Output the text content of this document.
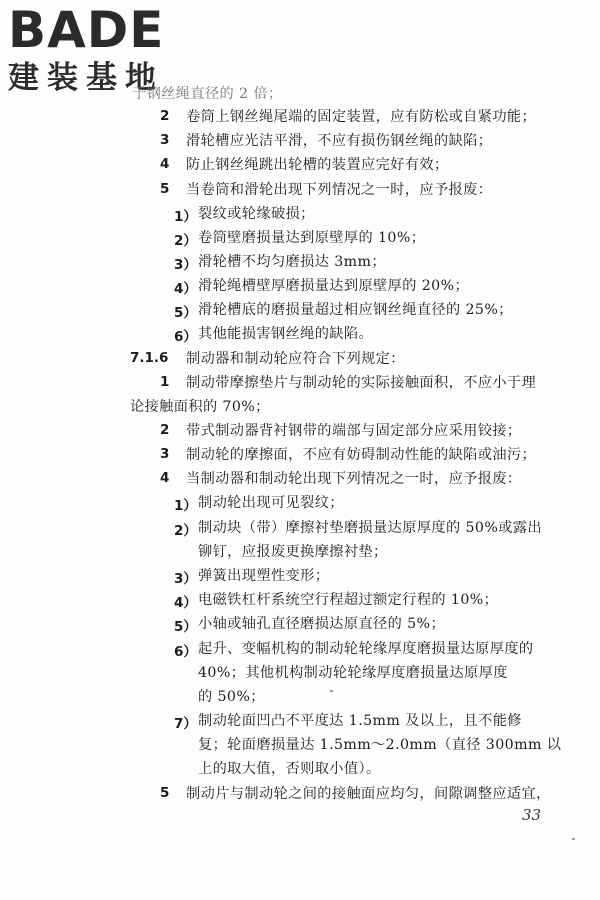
BADE
建装基地
于钢丝绳直径的 2 倍；
2 卷筒上钢丝绳尾端的固定装置，应有防松或自紧功能；
3 滑轮槽应光洁平滑，不应有损伤钢丝绳的缺陷；
4 防止钢丝绳跳出轮槽的装置应完好有效；
5 当卷筒和滑轮出现下列情况之一时，应予报废：
1） 裂纹或轮缘破损；
2） 卷筒壁磨损量达到原壁厚的 10%；
3） 滑轮槽不均匀磨损达 3mm；
4） 滑轮绳槽壁厚磨损量达到原壁厚的 20%；
5） 滑轮槽底的磨损量超过相应钢丝绳直径的 25%；
6） 其他能损害钢丝绳的缺陷。
7.1.6 制动器和制动轮应符合下列规定：
1 制动带摩擦垫片与制动轮的实际接触面积，不应小于理
论接触面积的 70%；
2 带式制动器背衬钢带的端部与固定部分应采用铰接；
3 制动轮的摩擦面，不应有妨碍制动性能的缺陷或油污；
4 当制动器和制动轮出现下列情况之一时，应予报废：
1） 制动轮出现可见裂纹；
2） 制动块（带）摩擦衬垫磨损量达原厚度的 50%或露出
铆钉，应报废更换摩擦衬垫；
3） 弹簧出现塑性变形；
4） 电磁铁杠杆系统空行程超过额定行程的 10%；
5） 小轴或轴孔直径磨损达原直径的 5%；
6） 起升、变幅机构的制动轮轮缘厚度磨损量达原厚度的
40%；其他机构制动轮轮缘厚度磨损量达原厚度
的 50%；
7） 制动轮面凹凸不平度达 1.5mm 及以上，且不能修
复；轮面磨损量达 1.5mm～2.0mm（直径 300mm 以
上的取大值，否则取小值）。
5 制动片与制动轮之间的接触面应均匀，间隙调整应适宜，
33
